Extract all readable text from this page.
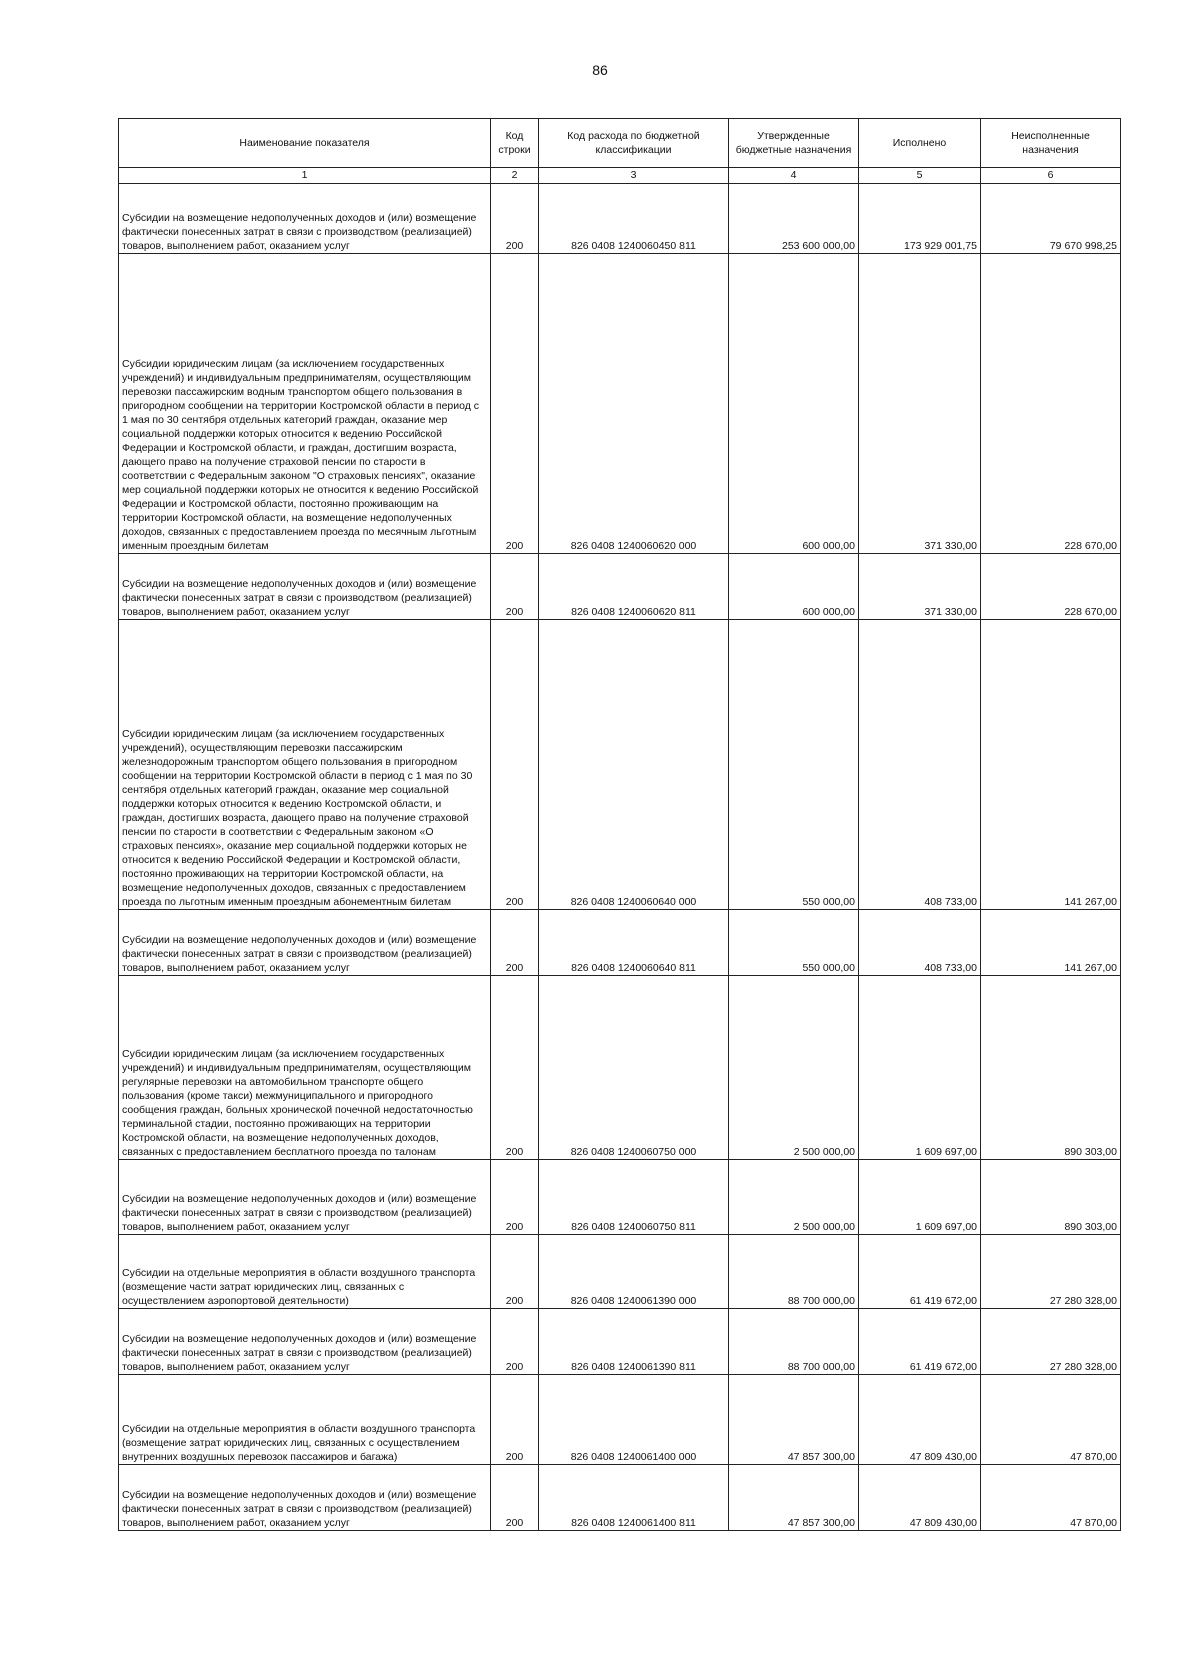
86
Наименование показателя	Код строки	Код расхода по бюджетной классификации	Утвержденные бюджетные назначения	Исполнено	Неисполненные назначения
1	2	3	4	5	6
Субсидии на возмещение недополученных доходов и (или) возмещение фактически понесенных затрат в связи с производством (реализацией) товаров, выполнением работ, оказанием услуг	200	826 0408 1240060450 811	253 600 000,00	173 929 001,75	79 670 998,25
Субсидии юридическим лицам (за исключением государственных учреждений) и индивидуальным предпринимателям, осуществляющим перевозки пассажирским водным транспортом общего пользования в пригородном сообщении на территории Костромской области в период с 1 мая по 30 сентября отдельных категорий граждан, оказание мер социальной поддержки которых относится к ведению Российской Федерации и Костромской области, и граждан, достигшим возраста, дающего право на получение страховой пенсии по старости в соответствии с Федеральным законом "О страховых пенсиях", оказание мер социальной поддержки которых не относится к ведению Российской Федерации и Костромской области, постоянно проживающим на территории Костромской области, на возмещение недополученных доходов, связанных с предоставлением проезда по месячным льготным именным проездным билетам	200	826 0408 1240060620 000	600 000,00	371 330,00	228 670,00
Субсидии на возмещение недополученных доходов и (или) возмещение фактически понесенных затрат в связи с производством (реализацией) товаров, выполнением работ, оказанием услуг	200	826 0408 1240060620 811	600 000,00	371 330,00	228 670,00
Субсидии юридическим лицам (за исключением государственных учреждений), осуществляющим перевозки пассажирским железнодорожным транспортом общего пользования в пригородном сообщении на территории Костромской области в период с 1 мая по 30 сентября отдельных категорий граждан, оказание мер социальной поддержки которых относится к ведению Костромской области, и граждан, достигших возраста, дающего право на получение страховой пенсии по старости в соответствии с Федеральным законом «О страховых пенсиях», оказание мер социальной поддержки которых не относится к ведению Российской Федерации и Костромской области, постоянно проживающих на территории Костромской области, на возмещение недополученных доходов, связанных с предоставлением проезда по льготным именным проездным абонементным билетам	200	826 0408 1240060640 000	550 000,00	408 733,00	141 267,00
Субсидии на возмещение недополученных доходов и (или) возмещение фактически понесенных затрат в связи с производством (реализацией) товаров, выполнением работ, оказанием услуг	200	826 0408 1240060640 811	550 000,00	408 733,00	141 267,00
Субсидии юридическим лицам (за исключением государственных учреждений) и индивидуальным предпринимателям, осуществляющим регулярные перевозки на автомобильном транспорте общего пользования (кроме такси) межмуниципального и пригородного сообщения граждан, больных хронической почечной недостаточностью терминальной стадии, постоянно проживающих на территории Костромской области, на возмещение недополученных доходов, связанных с предоставлением бесплатного проезда по талонам	200	826 0408 1240060750 000	2 500 000,00	1 609 697,00	890 303,00
Субсидии на возмещение недополученных доходов и (или) возмещение фактически понесенных затрат в связи с производством (реализацией) товаров, выполнением работ, оказанием услуг	200	826 0408 1240060750 811	2 500 000,00	1 609 697,00	890 303,00
Субсидии на отдельные мероприятия в области воздушного транспорта (возмещение части затрат юридических лиц, связанных с осуществлением аэропортовой деятельности)	200	826 0408 1240061390 000	88 700 000,00	61 419 672,00	27 280 328,00
Субсидии на возмещение недополученных доходов и (или) возмещение фактически понесенных затрат в связи с производством (реализацией) товаров, выполнением работ, оказанием услуг	200	826 0408 1240061390 811	88 700 000,00	61 419 672,00	27 280 328,00
Субсидии на отдельные мероприятия в области воздушного транспорта (возмещение затрат юридических лиц, связанных с осуществлением внутренних воздушных перевозок пассажиров и багажа)	200	826 0408 1240061400 000	47 857 300,00	47 809 430,00	47 870,00
Субсидии на возмещение недополученных доходов и (или) возмещение фактически понесенных затрат в связи с производством (реализацией) товаров, выполнением работ, оказанием услуг	200	826 0408 1240061400 811	47 857 300,00	47 809 430,00	47 870,00
